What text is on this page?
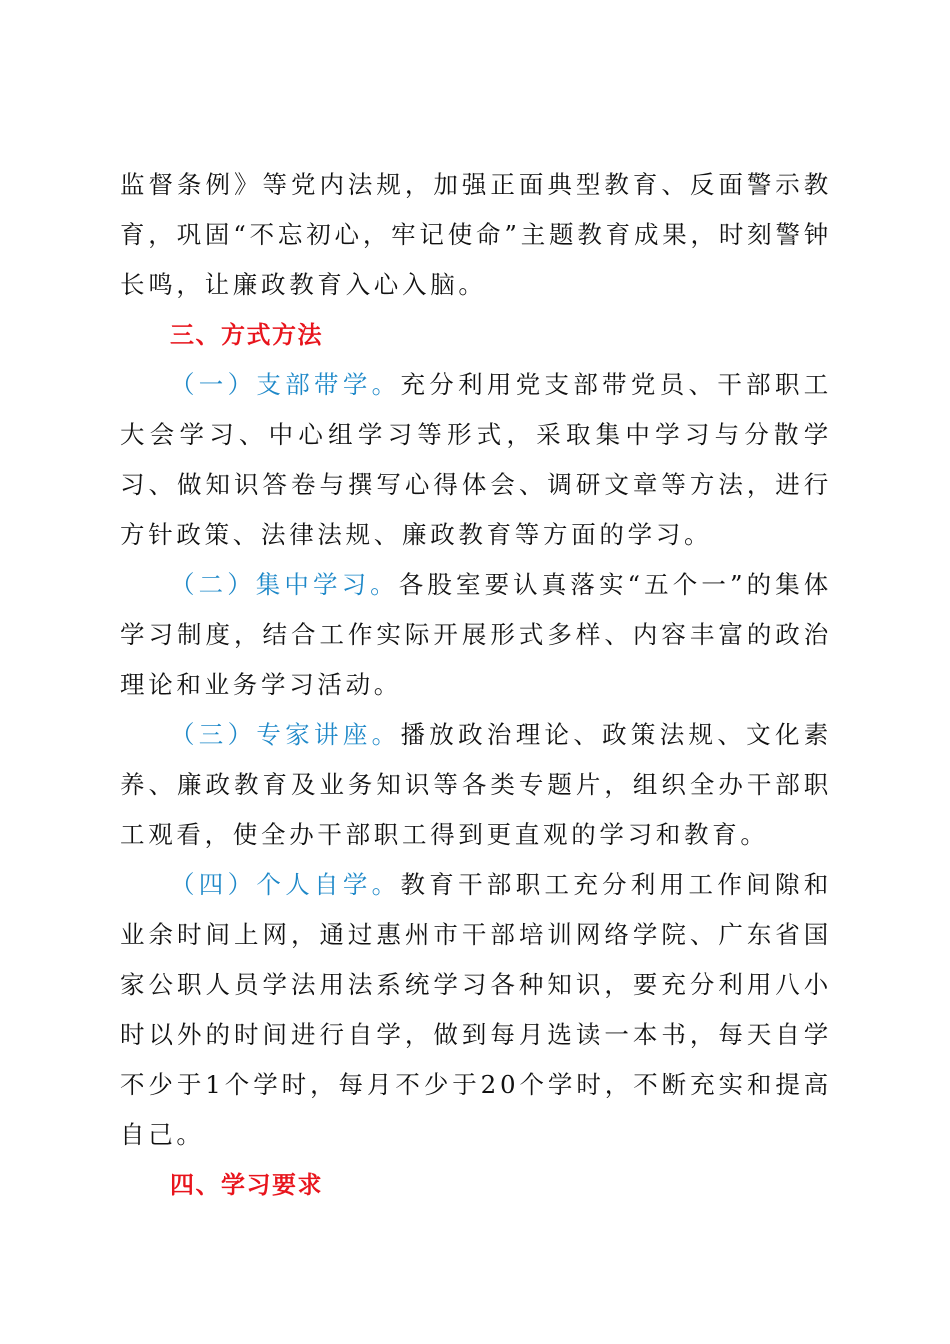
监督条例》等党内法规，加强正面典型教育、反面警示教育，巩固“不忘初心，牢记使命”主题教育成果，时刻警钟长鸣，让廉政教育入心入脑。

三、方式方法

（一）支部带学。充分利用党支部带党员、干部职工大会学习、中心组学习等形式，采取集中学习与分散学习、做知识答卷与撰写心得体会、调研文章等方法，进行方针政策、法律法规、廉政教育等方面的学习。

（二）集中学习。各股室要认真落实“五个一”的集体学习制度，结合工作实际开展形式多样、内容丰富的政治理论和业务学习活动。

（三）专家讲座。播放政治理论、政策法规、文化素养、廉政教育及业务知识等各类专题片，组织全办干部职工观看，使全办干部职工得到更直观的学习和教育。

（四）个人自学。教育干部职工充分利用工作间隙和业余时间上网，通过惠州市干部培训网络学院、广东省国家公职人员学法用法系统学习各种知识，要充分利用八小时以外的时间进行自学，做到每月选读一本书，每天自学不少于1个学时，每月不少于20个学时，不断充实和提高自己。

四、学习要求
